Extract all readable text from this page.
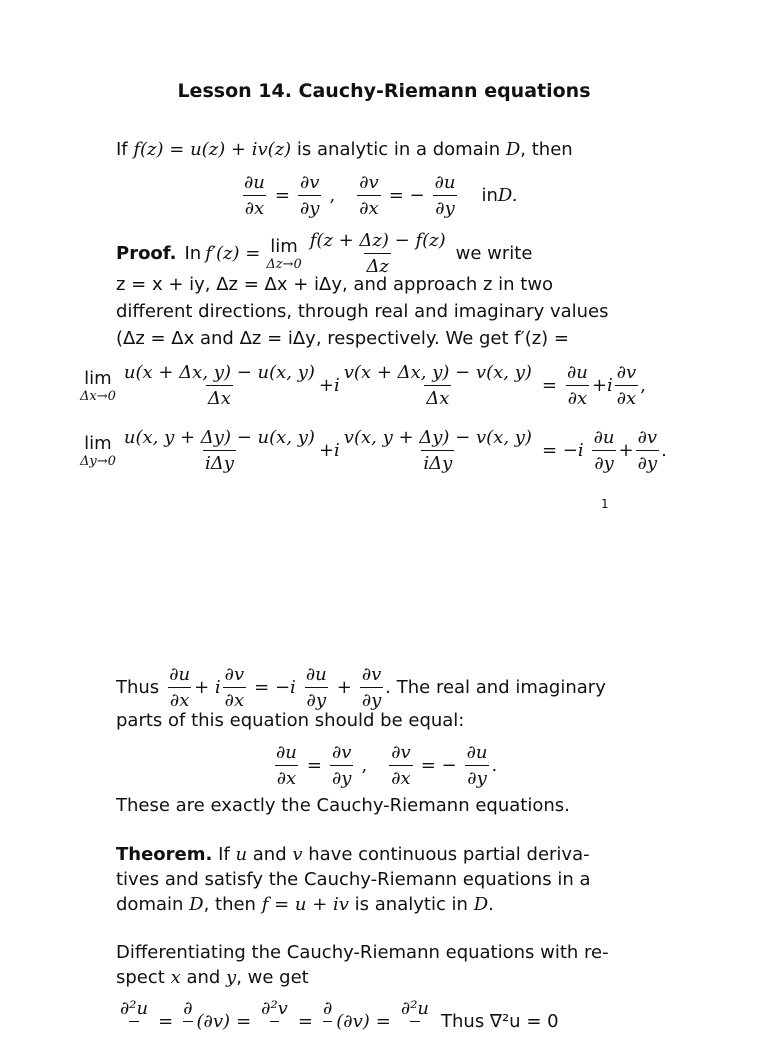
Lesson 14. Cauchy-Riemann equations
If f(z) = u(z) + iv(z) is analytic in a domain D, then
$\frac{\partial u}{\partial x} = \frac{\partial v}{\partial y}$ ,	$\frac{\partial v}{\partial x}$ = − $\frac{\partial u}{\partial y}$	in D.
Proof. In f′(z) = lim
$\Delta z\to 0 \frac{f(z + \Delta z) - f(z)}{\Delta z}$ we write
z = x + iy, Δz = Δx + iΔy, and approach z in two
different directions, through real and imaginary values
(Δz = Δx and Δz = iΔy, respectively. We get f′(z) =
lim
$\Delta x\to 0 \frac{u(x + \Delta x, y) - u(x, y)}{\Delta x} +i \frac{v(x + \Delta x, y) - v(x, y)}{\Delta x} = \frac{\partial u}{\partial x} +i \frac{\partial v}{\partial x}$ ,
lim
$\Delta y\to 0 \frac{u(x, y + \Delta y) - u(x, y)}{\text{iΔy}} +i \frac{v(x, y + \Delta y) - v(x, y)}{\text{iΔy}} = -i \frac{\partial u}{\partial y} + \frac{\partial v}{\partial y}$ .
1
Thus $\frac{\partial u}{\partial x} + i \frac{\partial v}{\partial x} = -i \frac{\partial u}{\partial y} + \frac{\partial v}{\partial y}$ . The real and imaginary
parts of this equation should be equal:
$\frac{\partial u}{\partial x} = \frac{\partial v}{\partial y}$ ,	$\frac{\partial v}{\partial x}$ = − $\frac{\partial u}{\partial y}$ .
These are exactly the Cauchy-Riemann equations.
Theorem. If u and v have continuous partial deriva-
tives and satisfy the Cauchy-Riemann equations in a
domain D, then f = u + iv is analytic in D.
Differentiating the Cauchy-Riemann equations with re-
spect x and y, we get
∂²u

=
∂

(∂v) =
∂²v

=
∂

(∂v) =
∂²u

Thus ∇²u = 0
